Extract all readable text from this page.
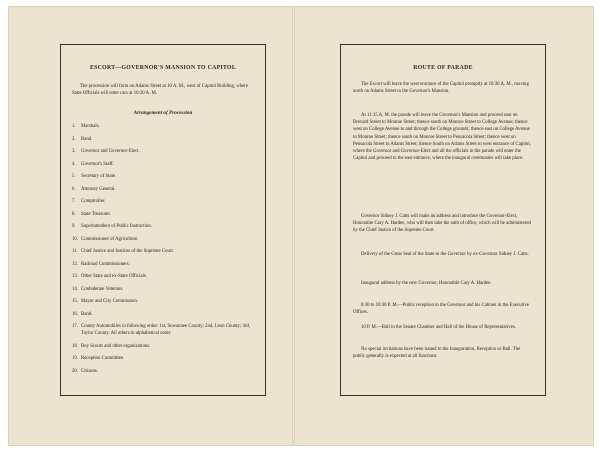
ESCORT—GOVERNOR'S MANSION TO CAPITOL
The procession will form on Adams Street at 10 A. M., west of Capitol Building, where State Officials will enter cars at 10:30 A. M.
Arrangement of Procession
1. Marshals.
2. Band.
3. Governor and Governor-Elect.
4. Governor's Staff.
5. Secretary of State.
6. Attorney General.
7. Comptroller.
8. State Treasurer.
9. Superintendent of Public Instruction.
10. Commissioner of Agriculture.
11. Chief Justice and Justices of the Supreme Court.
12. Railroad Commissioners.
13. Other State and ex-State Officials.
14. Confederate Veterans.
15. Mayor and City Commission.
16. Band.
17. County Automobiles in following order: 1st, Suwannee County; 2nd, Leon County; 3rd, Taylor County. All others in alphabetical order.
18. Boy Scouts and other organizations.
19. Reception Committee.
20. Citizens.
ROUTE OF PARADE

The Escort will leave the west entrance of the Capitol promptly at 10:30 A. M., moving north on Adams Street to the Governor's Mansion.

At 11:15 A. M. the parade will leave the Governor's Mansion and proceed east on Brevard Street to Monroe Street; thence south on Monroe Street to College Avenue; thence west on College Avenue to and through the College grounds; thence east on College Avenue to Monroe Street; thence south on Monroe Street to Pensacola Street; thence west on Pensacola Street to Adams Street; thence South on Adams Street to west entrance of Capitol, where the Governor and Governor-Elect and all the officials in the parade will enter the Capitol and proceed to the east entrance, where the inaugural ceremonies will take place.

Governor Sidney J. Catts will make an address and introduce the Governor-Elect, Honorable Cary A. Hardee, who will then take the oath of office, which will be administered by the Chief Justice of the Supreme Court.

Delivery of the Great Seal of the State to the Governor by ex-Governor Sidney J. Catts.

Inaugural address by the new Governor, Honorable Cary A. Hardee.

8:30 to 10:30 P. M.—Public reception to the Governor and his Cabinet in the Executive Offices.

10 P. M.—Ball in the Senate Chamber and Hall of the House of Representatives.

No special invitations have been issued to the Inauguration, Reception or Ball. The public generally is expected at all functions.
